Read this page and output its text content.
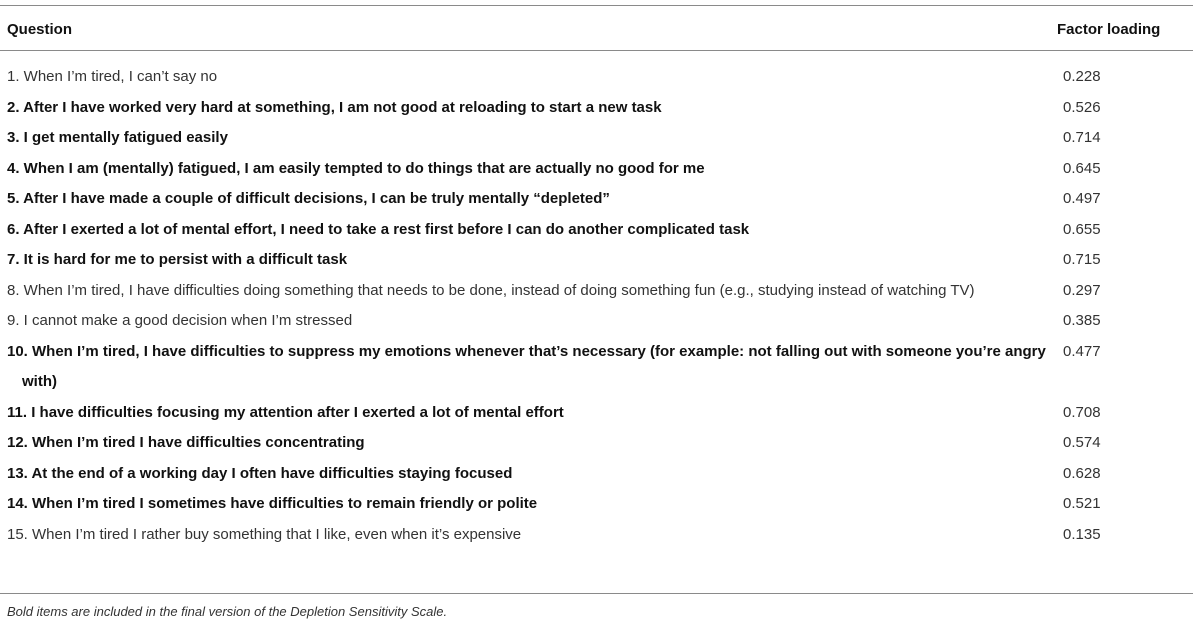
Question	Factor loading
1. When I’m tired, I can’t say no	0.228

2. After I have worked very hard at something, I am not good at reloading to start a new task	0.526

3. I get mentally fatigued easily	0.714

4. When I am (mentally) fatigued, I am easily tempted to do things that are actually no good for me	0.645

5. After I have made a couple of difficult decisions, I can be truly mentally “depleted”	0.497

6. After I exerted a lot of mental effort, I need to take a rest first before I can do another complicated task	0.655

7. It is hard for me to persist with a difficult task	0.715

8. When I’m tired, I have difficulties doing something that needs to be done, instead of doing something fun (e.g., studying instead of watching TV)	0.297

9. I cannot make a good decision when I’m stressed	0.385

10. When I’m tired, I have difficulties to suppress my emotions whenever that’s necessary (for example: not falling out with someone you’re angry with)	0.477

11. I have difficulties focusing my attention after I exerted a lot of mental effort	0.708

12. When I’m tired I have difficulties concentrating	0.574

13. At the end of a working day I often have difficulties staying focused	0.628

14. When I’m tired I sometimes have difficulties to remain friendly or polite	0.521

15. When I’m tired I rather buy something that I like, even when it’s expensive	0.135
Bold items are included in the final version of the Depletion Sensitivity Scale.
